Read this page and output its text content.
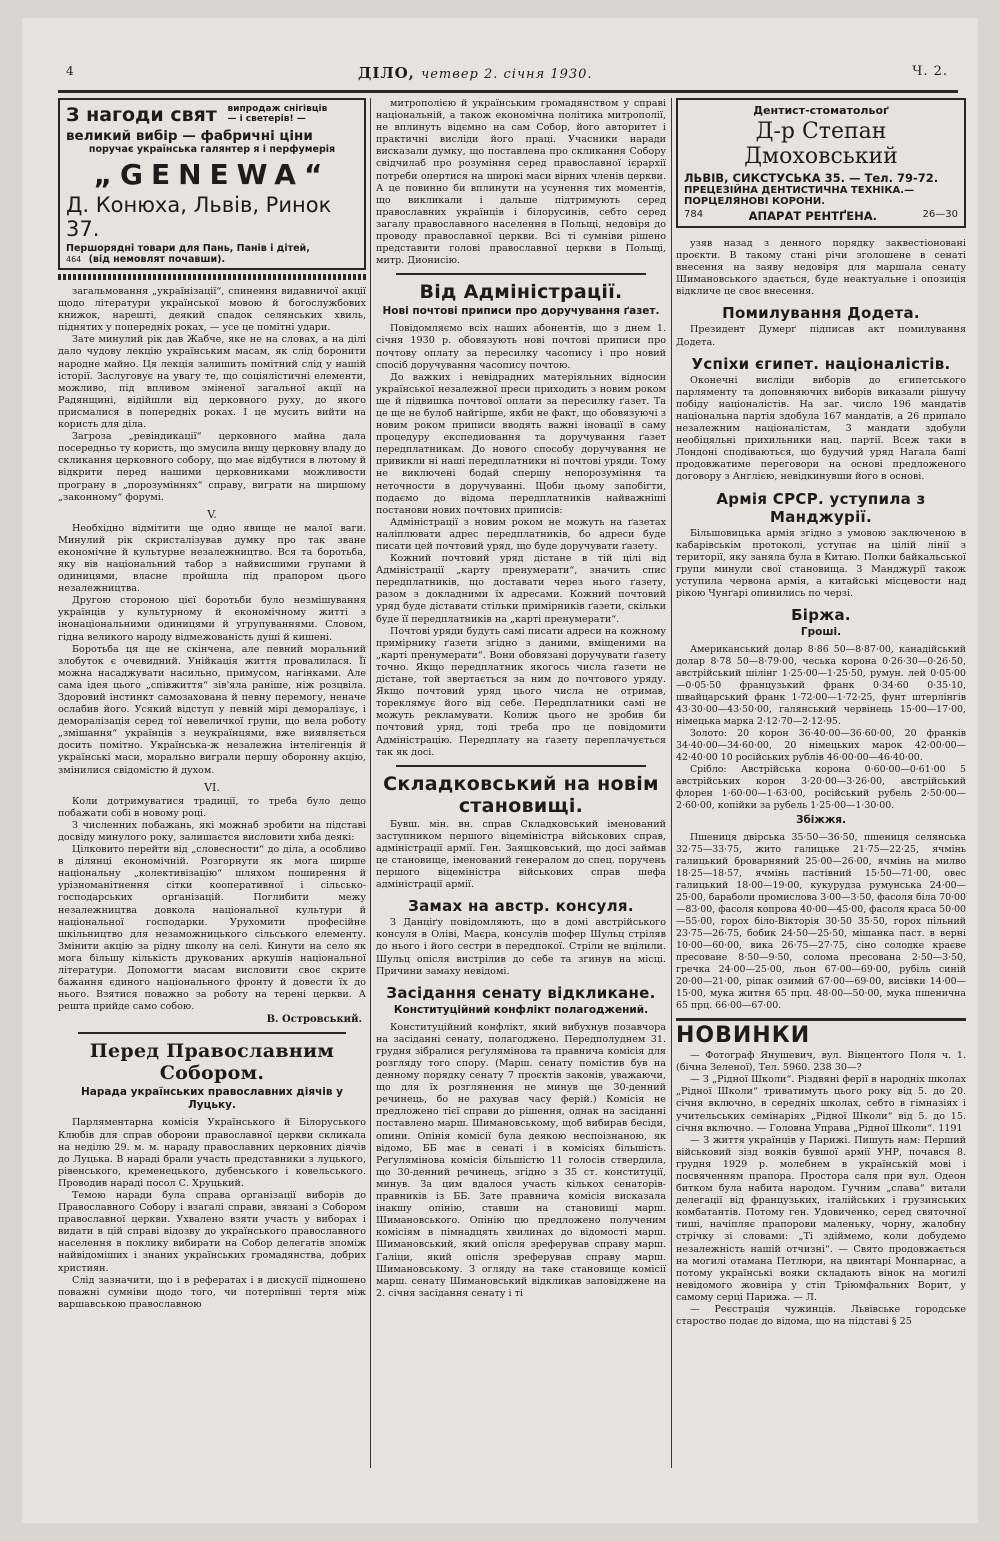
4	ДІЛО, четвер 2. січня 1930.	Ч. 2.
З нагоди свят випродаж снігівців — і светерів! —
великий вибір — фабричні ціни
поручає українська галянтер я і перфумерія
„GENEWA“
Д. Конюха, Львів, Ринок 37.
Першорядні товари для Пань, Панів і дітей,
464 (від немовлят почавши).

загальмовання „українізації“, спинення видавничої акції щодо літератури української мовою й богослужбових книжок, нарешті, деякий спадок селянських хвиль, піднятих у попередніх роках, — усе це помітні удари.

Зате минулий рік дав Жабче, яке не на словах, а на ділі дало чудову лекцію українським масам, як слід боронити народне майно. Ця лекція залишить помітний слід у нашій історії. Заслуговує на увагу те, що соціялістичні елементи, можливо, під впливом зміненої загальної акції на Радянщині, відійшли від церковного руху, до якого присмалися в попередніх роках. І це мусить вийти на користь для діла.

Загроза „ревіндикації“ церковного майна дала посередньо ту користь, що змусила вищу церковну владу до скликання церковного собору, що має відбутися в лютому й відкрити перед нашими церковниками можливости програну в „порозуміннях“ справу, виграти на ширшому „законному“ форумі.

V.

Необхідно відмітити ще одно явище не малої ваги. Минулий рік скристалізував думку про так зване економічне й культурне незалежництво. Вся та боротьба, яку вів національний табор з найвисшими групами й одиницями, власне пройшла під прапором цього незалежництва.

Другою стороною цієї боротьби було незмішування українців у культурному й економічному житті з інонаціональними одиницями й угрупуваннями. Словом, гідна великого народу відмежованість душі й кишені.

Боротьба ця ще не скінчена, але певний моральний злобуток є очевидний. Унійкація життя провалилася. Її можна насаджувати насильно, примусом, нагінками. Але сама ідея цього „співжиття“ зів'яла раніше, ніж розцвіла. Здоровий інстинкт самозахована й певну перемогу, неначе ослабив його. Усякий відступ у певній мірі деморалізує, і деморалізація серед тої невеличкої групи, що вела роботу „змішання“ українців з неукраїнцями, вже виявляється досить помітно. Українська-ж незалежна інтелігенція й українські маси, морально виграли першу оборонну акцію, змінилися свідомістю й духом.

VI.

Коли дотримуватися традиції, то треба було дещо побажати собі в новому році.

З численних побажань, які можнаб зробити на підставі досвіду минулого року, залишаєтся висловити хиба деякі:

Цілковито перейти від „словесности“ до діла, а особливо в ділянці економічній. Розгорнути як мога ширше національну „колективізацію“ шляхом поширення й урізноманітнення сітки кооперативної і сільсько-господарських організацій. Поглибити межу незалежництва довкола національної культури й національної господарки. Урухомити професійне шкільництво для незаможницького сільського елементу. Змінити акцію за рідну школу на селі. Кинути на село як мога більшу кількість друкованих аркушів національної літератури. Допомогти масам висловити своє скрите бажання єдиного національного фронту й довести їх до нього. Взятися поважно за роботу на терені церкви. А решта прийде само собою.

В. Островський.

Перед Православним Собором.
Нарада українських православних діячів у Луцьку.

Парляментарна комісія Українського й Білоруського Клюбів для справ оборони православної церкви скликала на неділю 29. м. м. нараду православних церковних діячів до Луцька. В нараді брали участь представники з луцького, рівенського, кременецького, дубенського і ковельського. Проводив нараді посол С. Хруцький.

Темою наради була справа організації виборів до Православного Собору і взагалі справи, звязані з Собором православної церкви. Ухвалено взяти участь у виборах і видати в цій справі відозву до українського православного населення в поклику вибирати на Собор делегатів зпоміж найвідоміших і знаних українських громадянства, добрих християн.

Слід зазначити, що і в рефератах і в дискусії підношено поважні сумніви щодо того, чи потерпівші тертя між варшавською православною

митрополією й українським громадянством у справі національній, а також економічна політика митрополії, не вплинуть відємно на сам Собор, його авторитет і практичні висліди його праці. Учасники наради висказали думку, що поставлена про скликання Собору свідчилаб про розуміння серед православної ієрархії потреби опертися на широкі маси вірних членів церкви. А це повинно би вплинути на усунення тих моментів, що викликали і дальше підтримують серед православних українців і білорусинів, себто серед загалу православного населення в Польщі, недовіря до проводу православної церкви. Всі ті сумніви рішено представити голові православної церкви в Польщі, митр. Дионисію.

Від Адміністрації.
Нові почтові приписи про доручування ґазет.

Повідомляємо всіх наших абонентів, що з днем 1. січня 1930 р. обовязують нові почтові приписи про почтову оплату за пересилку часопису і про новий спосіб доручування часопису почтою.

До важких і невідрадних матеріяльних відносин української незалежної преси приходить з новим роком ще й підвишка почтової оплати за пересилку ґазет. Та це ще не булоб найгірше, якби не факт, що обовязуючі з новим роком приписи вводять важні іновації в саму процедуру експедиовання та доручування ґазет передплатникам. До нового способу доручування не привикли ні наші передплатники ні почтові уряди. Тому не виключені бодай спершу непорозуміння та неточности в доручуванні. Щоби цьому запобігти, подаємо до відома передплатників найважніші постанови нових почтових приписів:

Адміністрації з новим роком не можуть на ґазетах наліплювати адрес передплатників, бо адреси буде писати цей почтовий уряд, що буде доручувати ґазету.

Кожний почтовий уряд дістане в тій цілі від Адміністрації „карту пренумерати“, значить спис передплатників, що доставати через нього ґазету, разом з докладними їх адресами. Кожний почтовий уряд буде діставати стільки примірників ґазети, скільки буде її передплатників на „карті пренумерати“.

Почтові уряди будуть самі писати адреси на кожному примірнику ґазети згідно з даними, вміщеними на „карті пренумерати“. Вони обовязані доручувати ґазету точно. Якщо передплатник якогось числа ґазети не дістане, той звертається за ним до почтового уряду. Якщо почтовий уряд цього числа не отримав, тореклямує його від себе. Передплатники самі не можуть рекламувати. Колиж цього не зробив би почтовий уряд, тоді треба про це повідомити Адміністрацію. Передплату на ґазету переплачується так як досі.

Складковський на новім становищі.

Бувш. мін. вн. справ Складковський іменований заступником першого віцеміністра військових справ, адміністрації армії. Ген. Заящковський, що досі займав це становище, іменований генералом до спец. поручень першого віцеміністра військових справ шефа адміністрації армії.

Замах на австр. консуля.

З Данціґу повідомляють, що в домі австрійського консуля в Оліві, Маєра, консулів шофер Шульц стріляв до нього і його сестри в передпокої. Стріли не вцілили. Шульц опісля вистрілив до себе та згинув на місці. Причини замаху невідомі.

Засідання сенату відкликане.
Конституційний конфлікт полагоджений.

Конституційний конфлікт, який вибухнув позавчора на засіданні сенату, полагоджено. Передполуднем 31. грудня зібралися реґуляміновa та правнича комісія для розгляду того спору. (Марш. сенату помістив був на денному порядку сенату 7 проєктів законів, уважаючи, що для їх розглянення не минув ще 30-денний речинець, бо не рахував часу ферій.) Комісія не предложено тієї справи до рішення, однак на засіданні поставлено марш. Шимановському, щоб вибирав бесіди, опини. Опінія комісії була деякою неспоізнаною, як відомо, ББ має в сенаті і в комісіях більшість. Реґуляміновa комісія більшістю 11 голосів ствердила, що 30-денний речинець, згідно з 35 ст. конституції, минув. За цим вдалося участь кількох сенаторів-правників із ББ. Зате правнича комісія висказала інакшу опінію, ставши на становищі марш. Шимановського. Опінію цю предложено полученим комісіям в пімнадцять хвилинах до відомості марш. Шимановський, який опісля зреферував справу марш. Галіци, який опісля зреферував справу марш. Шимановському. З огляду на таке становище комісії марш. сенату Шимановський відкликав заповіджене на 2. січня засідання сенату і ті

Дентист-стоматольоґ
Д-р Степан Дмоховський
ЛЬВІВ, СИКСТУСЬКА 35. — Тел. 79-72.
ПРЕЦЕЗІЙНА ДЕНТИСТИЧНА ТЕХНІКА.—ПОРЦЕЛЯНОВІ КОРОНИ.
784	АПАРАТ РЕНТҐЕНА.	26—30

узяв назад з денного порядку заквестіоновані проєкти. В такому стані річи зголошене в сенаті внесення на заяву недовіря для маршала сенату Шимановського здається, буде неактуальне і опозиція відкличе це своє внесення.

Помилування Додета.

Президент Думерґ підписав акт помилування Додета.

Успіхи єгипет. націоналістів.

Оконечні висліди виборів до єгипетського парляменту та доповняючих виборів виказали рішучу побіду націоналістів. На заг. число 196 мандатів національна партія здобула 167 мандатів, а 26 припало незалежним націоналістам, 3 мандати здобули необіцяльні прихильники нац. партії. Всеж таки в Лондоні сподіваються, що будучий уряд Нагала баші продовжатиме переговори на основі предложеного договору з Англією, невідкинувши його в основі.

Армія СРСР. уступила з Манджурії.

Більшовицька армія згідно з умовою заключеною в кабарівськім протоколі, уступає на цілій лінії з території, яку заняла була в Китаю. Полки байкальської групи минули свої становища. З Манджурії також уступила червона армія, а китайські місцевости над рікою Чунґарі опинились по черзі.

Біржа.
Гроші.

Американський долар 8·86 50—8·87·00, канадійський долар 8·78 50—8·79·00, чеська корона 0·26·30—0·26·50, австрійський шілінг 1·25·00—1·25·50, румун. лей 0·05·00—0·05·50 французький франк 0·34·60 0·35·10, швайцарський франк 1·72·00—1·72·25, фунт штерлінгів 43·30·00—43·50·00, галянський червінець 15·00—17·00, німецька марка 2·12·70—2·12·95.

Золото: 20 корон 36·40·00—36·60·00, 20 франків 34·40·00—34·60·00, 20 німецьких марок 42·00·00—42·40·00 10 російських рублів 46·00·00—46·40·00.

Срібло: Австрійська корона 0·60·00—0·61·00 5 австрійських корон 3·20·00—3·26·00, австрійський флорен 1·60·00—1·63·00, російський рубель 2·50·00—2·60·00, копійки за рубель 1·25·00—1·30·00.

Збіжжя.

Пшениця двірська 35·50—36·50, пшениця селянська 32·75—33·75, жито галицьке 21·75—22·25, ячмінь галицький броварняний 25·00—26·00, ячмінь на милво 18·25—18·57, ячмінь пастівний 15·50—71·00, овес галицький 18·00—19·00, кукурудза румунська 24·00—25·00, бараболи промислова 3·00—3·50, фасоля біла 70·00—83·00, фасоля копрова 40·00—45·00, фасоля краса 50·00—55·00, горох біло-Вікторія 30·50 35·50, горох пільний 23·75—26·75, бобик 24·50—25·50, мішанка паст. в верні 10·00—60·00, вика 26·75—27·75, сіно солодке краєве пресоване 8·50—9·50, солома пресована 2·50—3·50, гречка 24·00—25·00, льон 67·00—69·00, рубіль синій 20·00—21·00, ріпак озимий 67·00—69·00, висівки 14·00—15·00, мука житня 65 прц. 48·00—50·00, мука пшенична 65 прц. 66·00—67·00.

НОВИНКИ

— Фотограф Янушевич, вул. Вінцентого Поля ч. 1. (бічна Зеленої), Тел. 5960. 238 30—?

— З „Рідної Школи“. Різдвяні ферії в народніх школах „Рідної Школи“ триватимуть цього року від 5. до 20. січня включно, в середніх школах, себто в гімназіях і учительських семінаріях „Рідної Школи“ від 5. до 15. січня включно. — Головна Управа „Рідної Школи“. 1191

— З життя українців у Парижі. Пишуть нам: Перший військовий зізд вояків бувшої армії УНР, почався 8. грудня 1929 р. молебнем в українській мові і посвяченням прапора. Простора саля при вул. Одеон битком була набита народом. Гучним „слава“ витали делегації від французьких, італійських і грузинських комбатантів. Потому ген. Удовиченко, серед святочної тиші, начіпляє прапорови маленьку, чорну, жалобну стрічку зі словами: „Ті здіймемо, коли добудемо незалежність нашій отчизні“. — Свято продовжається на могилі отамана Петлюри, на цвинтарі Монпарнас, а потому українські вояки складають вінок на могилі невідомого жовніра у стіп Тріюмфальних Ворит, у самому серці Парижа. — Л.

— Реєстрація чужинців. Львівське городське староство подає до відома, що на підставі § 25
